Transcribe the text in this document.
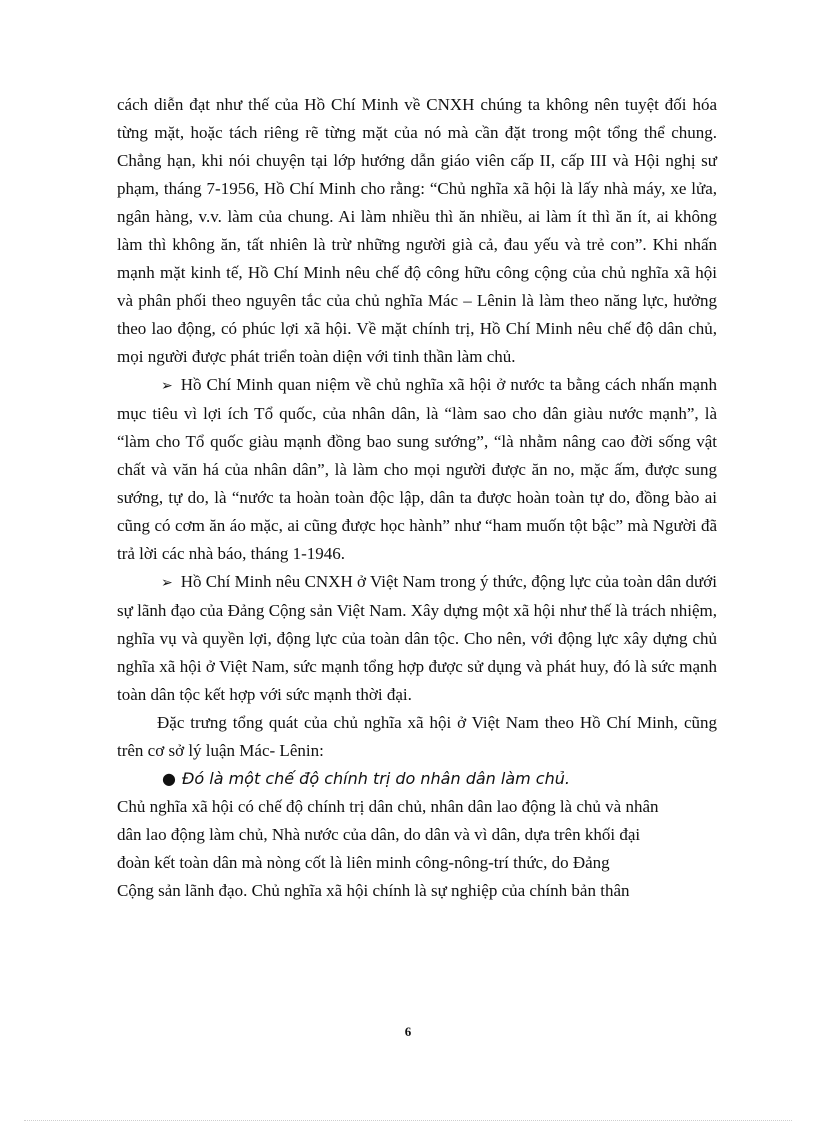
cách diễn đạt như thế của Hồ Chí Minh về CNXH chúng ta không nên tuyệt đối hóa từng mặt, hoặc tách riêng rẽ từng mặt của nó mà cần đặt trong một tổng thể chung. Chẳng hạn, khi nói chuyện tại lớp hướng dẫn giáo viên cấp II, cấp III và Hội nghị sư phạm, tháng 7-1956, Hồ Chí Minh cho rằng: “Chủ nghĩa xã hội là lấy nhà máy, xe lửa, ngân hàng, v.v. làm của chung. Ai làm nhiều thì ăn nhiều, ai làm ít thì ăn ít, ai không làm thì không ăn, tất nhiên là trừ những người già cả, đau yếu và trẻ con”. Khi nhấn mạnh mặt kinh tế, Hồ Chí Minh nêu chế độ công hữu công cộng của chủ nghĩa xã hội và phân phối theo nguyên tắc của chủ nghĩa Mác – Lênin là làm theo năng lực, hưởng theo lao động, có phúc lợi xã hội. Về mặt chính trị, Hồ Chí Minh nêu chế độ dân chủ, mọi người được phát triển toàn diện với tinh thần làm chủ.

➢ Hồ Chí Minh quan niệm về chủ nghĩa xã hội ở nước ta bằng cách nhấn mạnh mục tiêu vì lợi ích Tổ quốc, của nhân dân, là “làm sao cho dân giàu nước mạnh”, là “làm cho Tổ quốc giàu mạnh đồng bao sung sướng”, “là nhằm nâng cao đời sống vật chất và văn há của nhân dân”, là làm cho mọi người được ăn no, mặc ấm, được sung sướng, tự do, là “nước ta hoàn toàn độc lập, dân ta được hoàn toàn tự do, đồng bào ai cũng có cơm ăn áo mặc, ai cũng được học hành” như “ham muốn tột bậc” mà Người đã trả lời các nhà báo, tháng 1-1946.

➢ Hồ Chí Minh nêu CNXH ở Việt Nam trong ý thức, động lực của toàn dân dưới sự lãnh đạo của Đảng Cộng sản Việt Nam. Xây dựng một xã hội như thế là trách nhiệm, nghĩa vụ và quyền lợi, động lực của toàn dân tộc. Cho nên, với động lực xây dựng chủ nghĩa xã hội ở Việt Nam, sức mạnh tổng hợp được sử dụng và phát huy, đó là sức mạnh toàn dân tộc kết hợp với sức mạnh thời đại.

Đặc trưng tổng quát của chủ nghĩa xã hội ở Việt Nam theo Hồ Chí Minh, cũng trên cơ sở lý luận Mác- Lênin:

● Đó là một chế độ chính trị do nhân dân làm chủ.

Chủ nghĩa xã hội có chế độ chính trị dân chủ, nhân dân lao động là chủ và nhân

dân lao động làm chủ, Nhà nước của dân, do dân và vì dân, dựa trên khối đại

đoàn kết toàn dân mà nòng cốt là liên minh công-nông-trí thức, do Đảng

Cộng sản lãnh đạo. Chủ nghĩa xã hội chính là sự nghiệp của chính bản thân

6
